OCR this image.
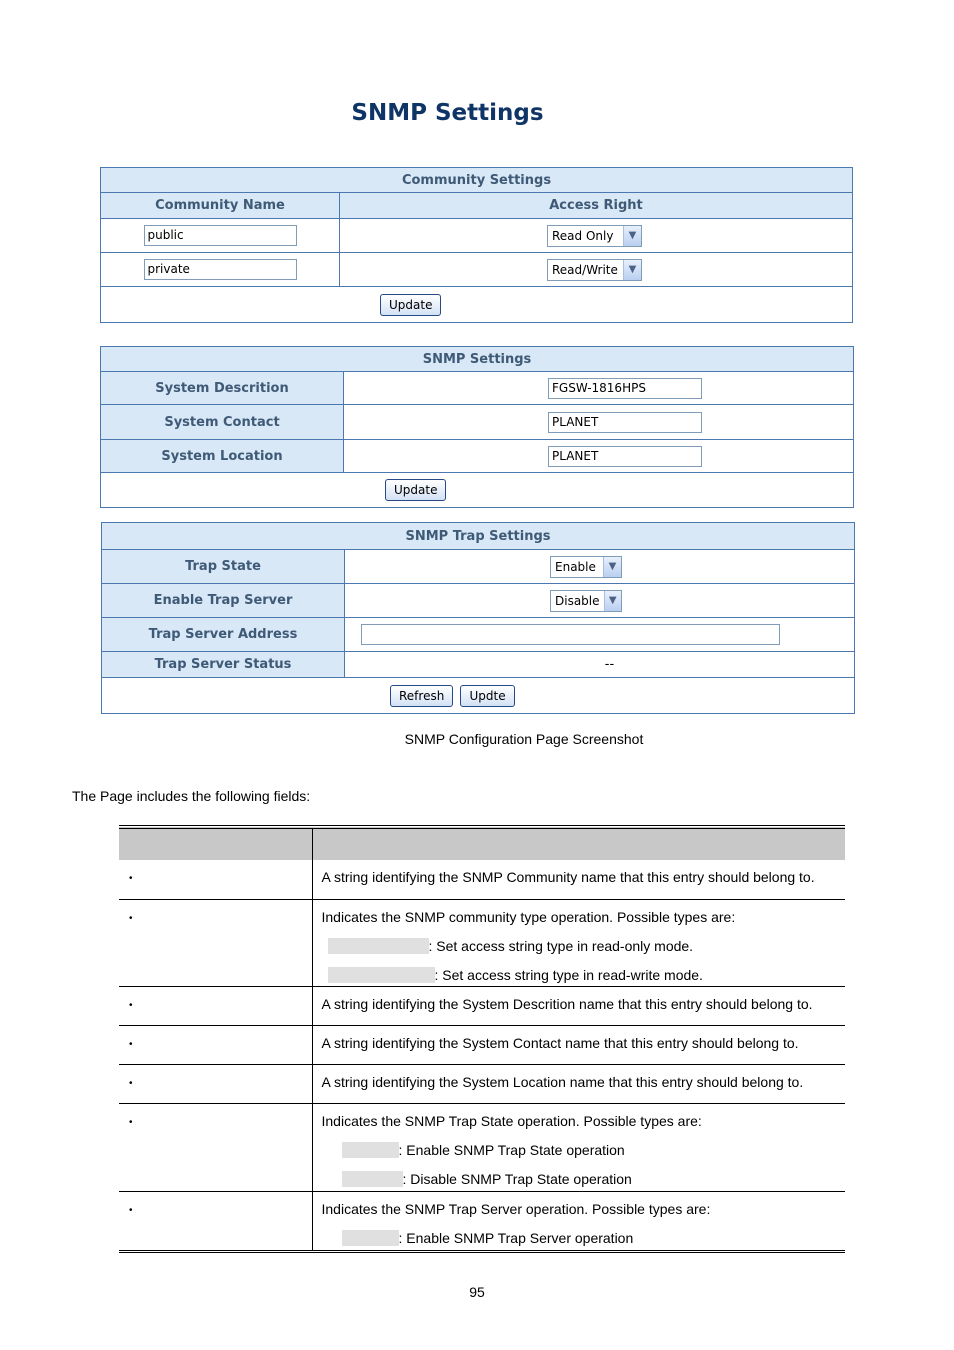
SNMP Settings
Community Settings	
Community Name	Access Right
public	Read Only ▼

private	Read/Write ▼

Update	
SNMP Settings	
System Descrition	FGSW-1816HPS
System Contact	PLANET
System Location	PLANET
Update	
SNMP Trap Settings	
Trap State	Enable ▼

Enable Trap Server	Disable ▼

Trap Server Address	
Trap Server Status	--
Refresh Updte	
SNMP Configuration Page Screenshot
The Page includes the following fields:

•	A string identifying the SNMP Community name that this entry should belong to.

•	Indicates the SNMP community type operation. Possible types are:
: Set access string type in read-only mode.
: Set access string type in read-write mode.

•	A string identifying the System Descrition name that this entry should belong to.

•	A string identifying the System Contact name that this entry should belong to.

•	A string identifying the System Location name that this entry should belong to.

•	Indicates the SNMP Trap State operation. Possible types are:
: Enable SNMP Trap State operation
: Disable SNMP Trap State operation

•	Indicates the SNMP Trap Server operation. Possible types are:
: Enable SNMP Trap Server operation
95
